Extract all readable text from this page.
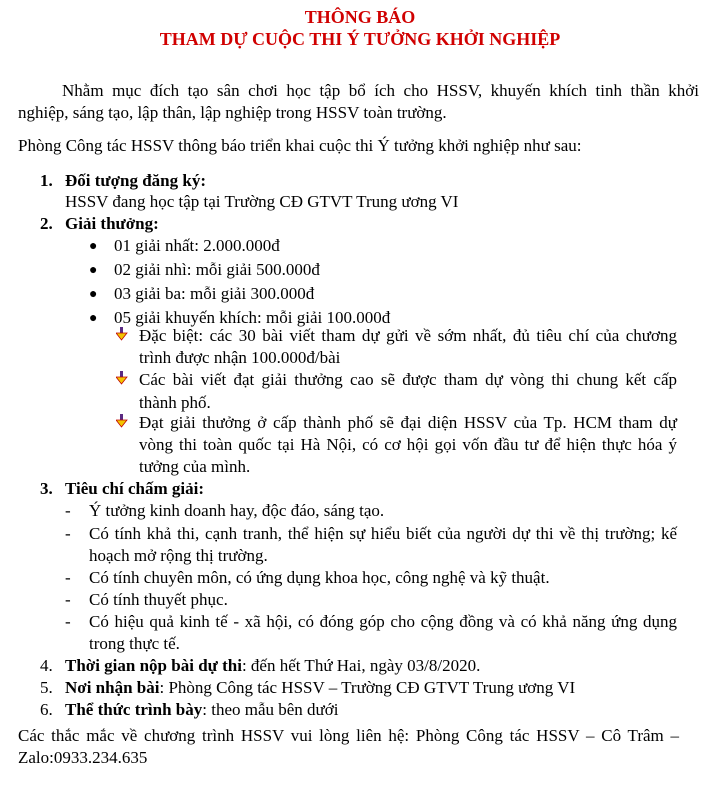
THÔNG BÁO
THAM DỰ CUỘC THI Ý TƯỞNG KHỞI NGHIỆP
Nhằm mục đích tạo sân chơi học tập bổ ích cho HSSV, khuyến khích tinh thần khởi
nghiệp, sáng tạo, lập thân, lập nghiệp trong HSSV toàn trường.
Phòng Công tác HSSV thông báo triển khai cuộc thi Ý tưởng khởi nghiệp như sau:
1. Đối tượng đăng ký:
HSSV đang học tập tại Trường CĐ GTVT Trung ương VI
2. Giải thưởng:
● 01 giải nhất: 2.000.000đ
● 02 giải nhì: mỗi giải 500.000đ
● 03 giải ba: mỗi giải 300.000đ
● 05 giải khuyến khích: mỗi giải 100.000đ
Đặc biệt: các 30 bài viết tham dự gửi về sớm nhất, đủ tiêu chí của chương
trình được nhận 100.000đ/bài
Các bài viết đạt giải thưởng cao sẽ được tham dự vòng thi chung kết cấp
thành phố.
Đạt giải thưởng ở cấp thành phố sẽ đại diện HSSV của Tp. HCM tham dự
vòng thi toàn quốc tại Hà Nội, có cơ hội gọi vốn đầu tư để hiện thực hóa ý
tưởng của mình.
3. Tiêu chí chấm giải:
- Ý tưởng kinh doanh hay, độc đáo, sáng tạo.
- Có tính khả thi, cạnh tranh, thể hiện sự hiểu biết của người dự thi về thị trường; kế
hoạch mở rộng thị trường.
- Có tính chuyên môn, có ứng dụng khoa học, công nghệ và kỹ thuật.
- Có tính thuyết phục.
- Có hiệu quả kinh tế - xã hội, có đóng góp cho cộng đồng và có khả năng ứng dụng
trong thực tế.
4. Thời gian nộp bài dự thi: đến hết Thứ Hai, ngày 03/8/2020.
5. Nơi nhận bài: Phòng Công tác HSSV – Trường CĐ GTVT Trung ương VI
6. Thể thức trình bày: theo mẫu bên dưới
Các thắc mắc về chương trình HSSV vui lòng liên hệ: Phòng Công tác HSSV – Cô Trâm –
Zalo:0933.234.635
